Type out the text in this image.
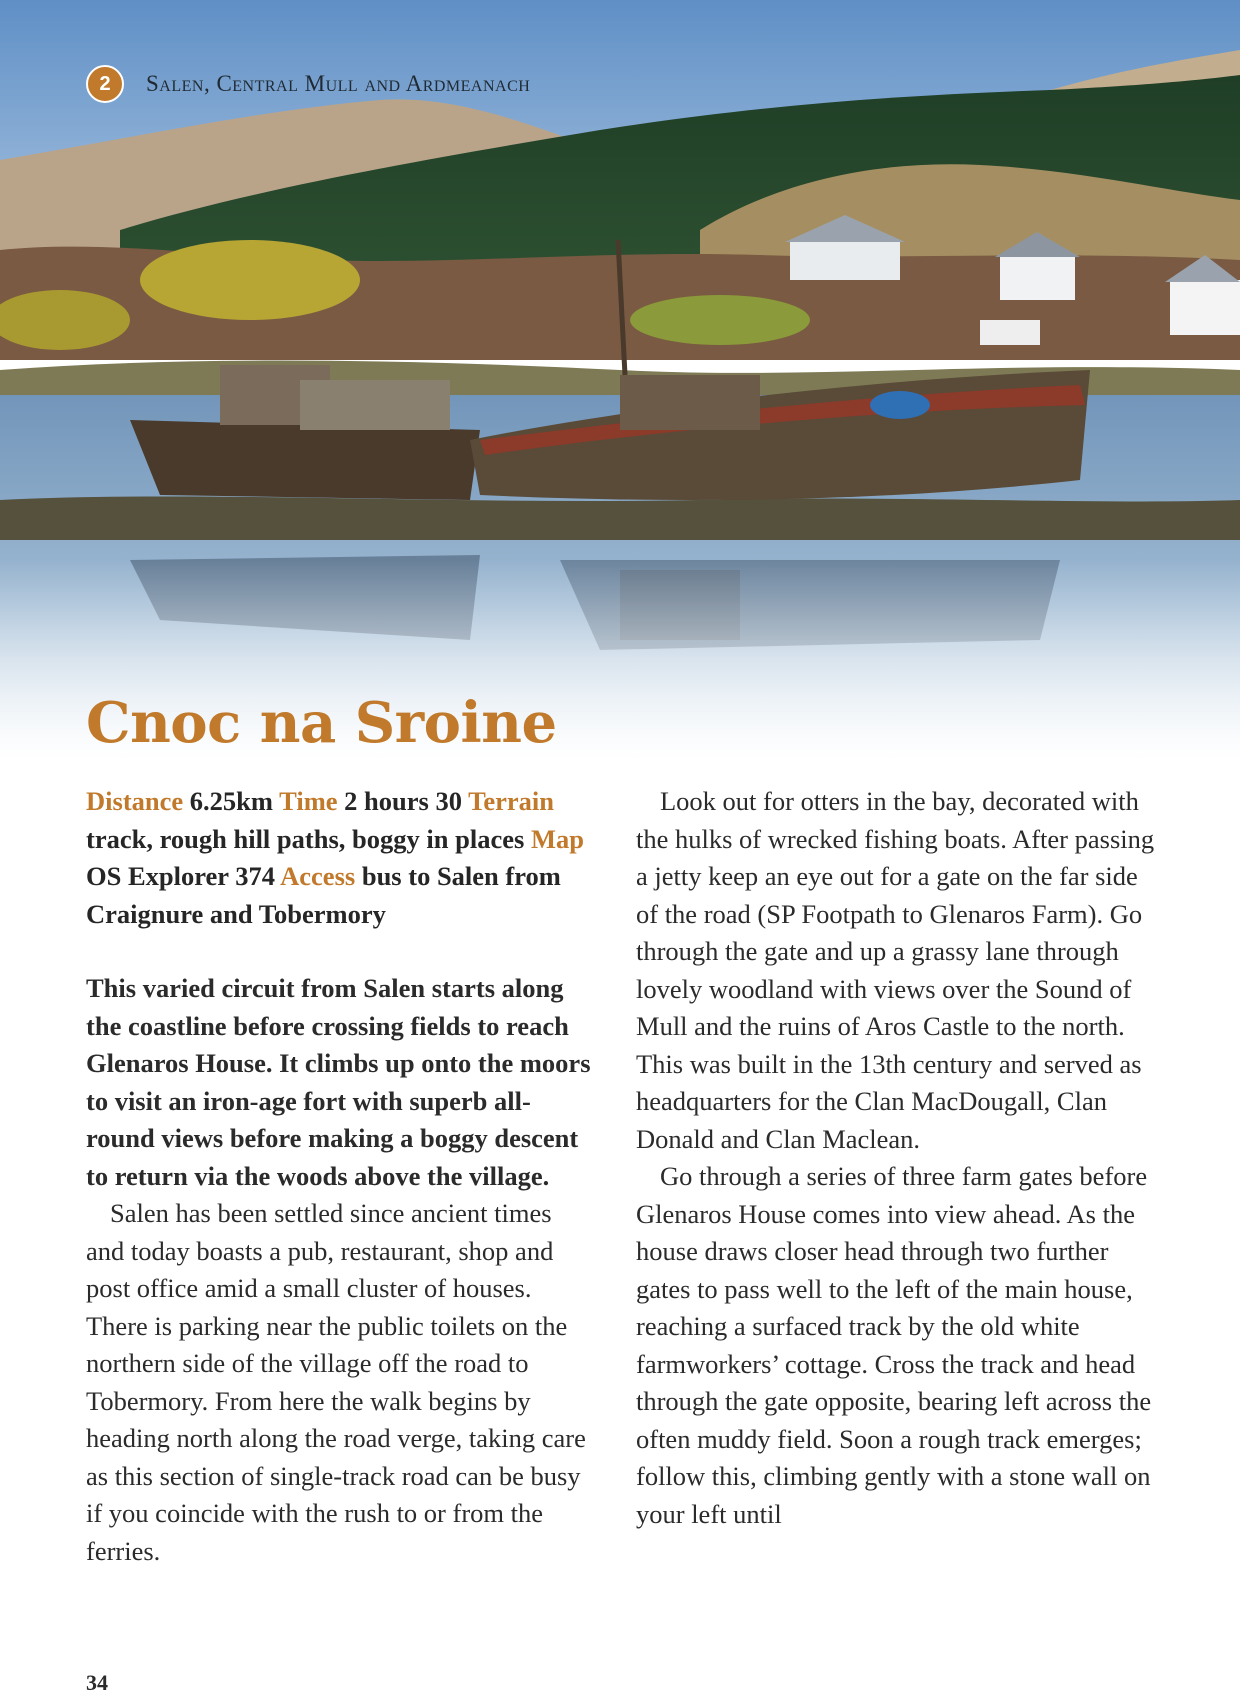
2	Salen, Central Mull and Ardmeanach
Cnoc na Sroine

Distance 6.25km Time 2 hours 30 Terrain track, rough hill paths, boggy in places Map OS Explorer 374 Access bus to Salen from Craignure and Tobermory

This varied circuit from Salen starts along the coastline before crossing fields to reach Glenaros House. It climbs up onto the moors to visit an iron-age fort with superb all-round views before making a boggy descent to return via the woods above the village.

Salen has been settled since ancient times and today boasts a pub, restaurant, shop and post office amid a small cluster of houses. There is parking near the public toilets on the northern side of the village off the road to Tobermory. From here the walk begins by heading north along the road verge, taking care as this section of single-track road can be busy if you coincide with the rush to or from the ferries.

Look out for otters in the bay, decorated with the hulks of wrecked fishing boats. After passing a jetty keep an eye out for a gate on the far side of the road (SP Footpath to Glenaros Farm). Go through the gate and up a grassy lane through lovely woodland with views over the Sound of Mull and the ruins of Aros Castle to the north. This was built in the 13th century and served as headquarters for the Clan MacDougall, Clan Donald and Clan Maclean.

Go through a series of three farm gates before Glenaros House comes into view ahead. As the house draws closer head through two further gates to pass well to the left of the main house, reaching a surfaced track by the old white farmworkers’ cottage. Cross the track and head through the gate opposite, bearing left across the often muddy field. Soon a rough track emerges; follow this, climbing gently with a stone wall on your left until

34
